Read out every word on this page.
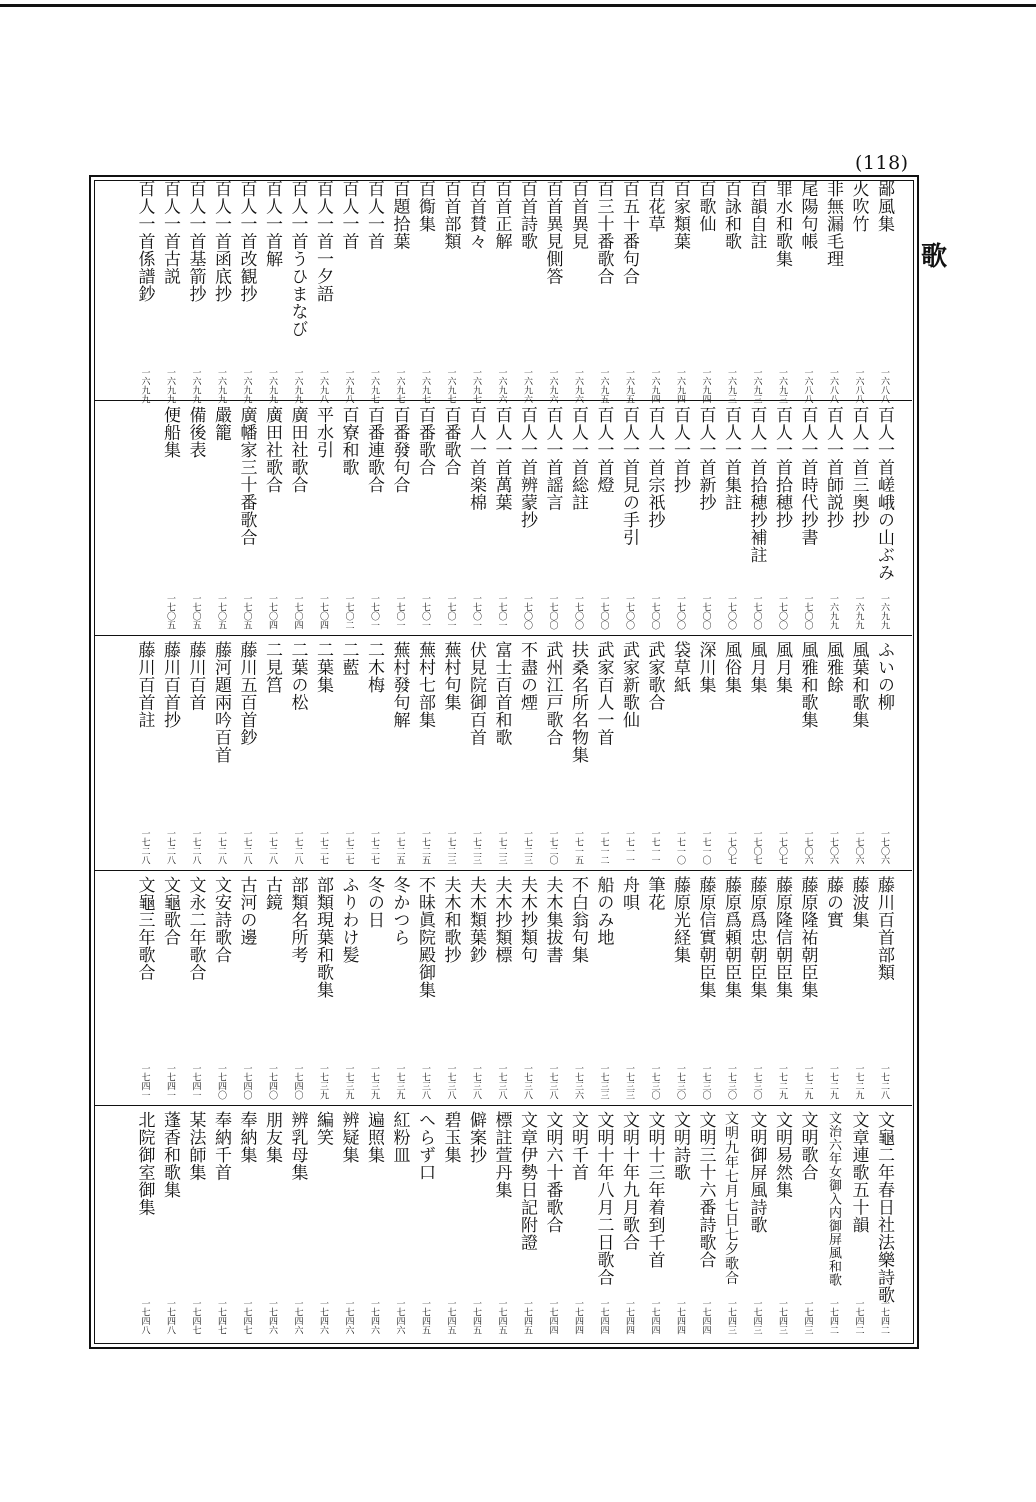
(118)
歌
鄙風集
一六八八
火吹竹
一六八八
非無漏毛理
一六八八
尾陽句帳
一六八八
罪水和歌集
一六九三
百韻自註
一六九三
百詠和歌
一六九三
百歌仙
一六九四
百家類葉
一六九四
百花草
一六九四
百五十番句合
一六九五
百三十番歌合
一六九五
百首異見
一六九六
百首異見側答
一六九六
百首詩歌
一六九六
百首正解
一六九六
百首賛々
一六九七
百首部類
一六九七
百鵆集
一六九七
百題拾葉
一六九七
百人一首
一六九七
百人一首
一六九八
百人一首一夕語
一六九八
百人一首うひまなび
一六九九
百人一首解
一六九九
百人一首改観抄
一六九九
百人一首函底抄
一六九九
百人一首基箭抄
一六九九
百人一首古説
一六九九
百人一首係譜鈔
一六九九
百人一首嵯峨の山ぶみ
一六九九
百人一首三奥抄
一六九九
百人一首師説抄
一六九九
百人一首時代抄書
一七〇〇
百人一首拾穂抄
一七〇〇
百人一首拾穂抄補註
一七〇〇
百人一首集註
一七〇〇
百人一首新抄
一七〇〇
百人一首抄
一七〇〇
百人一首宗祇抄
一七〇〇
百人一首見の手引
一七〇〇
百人一首燈
一七〇〇
百人一首総註
一七〇〇
百人一首謡言
一七〇〇
百人一首辨蒙抄
一七〇〇
百人一首萬葉
一七〇一
百人一首楽棉
一七〇一
百番歌合
一七〇一
百番歌合
一七〇一
百番發句合
一七〇一
百番連歌合
一七〇一
百寮和歌
一七〇二
平水引
一七〇四
廣田社歌合
一七〇四
廣田社歌合
一七〇四
廣幡家三十番歌合
一七〇五
嚴籠
一七〇五
備後表
一七〇五
便船集
一七〇五
ふいの柳
一七〇六
風葉和歌集
一七〇六
風雅餘
一七〇六
風雅和歌集
一七〇六
風月集
一七〇七
風月集
一七〇七
風俗集
一七〇七
深川集
一七一〇
袋草紙
一七一〇
武家歌合
一七一一
武家新歌仙
一七一一
武家百人一首
一七一二
扶桑名所名物集
一七一五
武州江戸歌合
一七二〇
不盡の煙
一七二三
富士百首和歌
一七二三
伏見院御百首
一七二三
蕪村句集
一七二三
蕪村七部集
一七二五
蕪村發句解
一七二五
二木梅
一七二七
二藍
一七二七
二葉集
一七二七
二葉の松
一七二八
二見筥
一七二八
藤川五百首鈔
一七二八
藤河題兩吟百首
一七二八
藤川百首
一七二八
藤川百首抄
一七二八
藤川百首註
一七二八
藤川百首部類
一七二八
藤波集
一七二九
藤の實
一七二九
藤原隆祐朝臣集
一七二九
藤原隆信朝臣集
一七二九
藤原爲忠朝臣集
一七三〇
藤原爲頼朝臣集
一七三〇
藤原信實朝臣集
一七三〇
藤原光経集
一七三〇
筆花
一七三〇
舟唄
一七三三
船のみ地
一七三三
不白翁句集
一七三六
夫木集拔書
一七三八
夫木抄類句
一七三八
夫木抄類標
一七三八
夫木類葉鈔
一七三八
夫木和歌抄
一七三八
不昧眞院殿御集
一七三八
冬かつら
一七三九
冬の日
一七三九
ふりわけ髪
一七三九
部類現葉和歌集
一七三九
部類名所考
一七四〇
古鏡
一七四〇
古河の邊
一七四〇
文安詩歌合
一七四〇
文永二年歌合
一七四一
文龜歌合
一七四一
文龜三年歌合
一七四一
文龜二年春日社法樂詩歌
一七四二
文章連歌五十韻
一七四二
文治六年女御入内御屏風和歌
一七四二
文明歌合
一七四三
文明易然集
一七四三
文明御屏風詩歌
一七四三
文明九年七月七日七夕歌合
一七四三
文明三十六番詩歌合
一七四四
文明詩歌
一七四四
文明十三年着到千首
一七四四
文明十年九月歌合
一七四四
文明十年八月二日歌合
一七四四
文明千首
一七四四
文明六十番歌合
一七四四
文章伊勢日記附證
一七四五
標註萱丹集
一七四五
僻案抄
一七四五
碧玉集
一七四五
へらず口
一七四五
紅粉皿
一七四六
遍照集
一七四六
辨疑集
一七四六
編笑
一七四六
辨乳母集
一七四六
朋友集
一七四六
奉納集
一七四七
奉納千首
一七四七
某法師集
一七四七
蓬香和歌集
一七四八
北院御室御集
一七四八
